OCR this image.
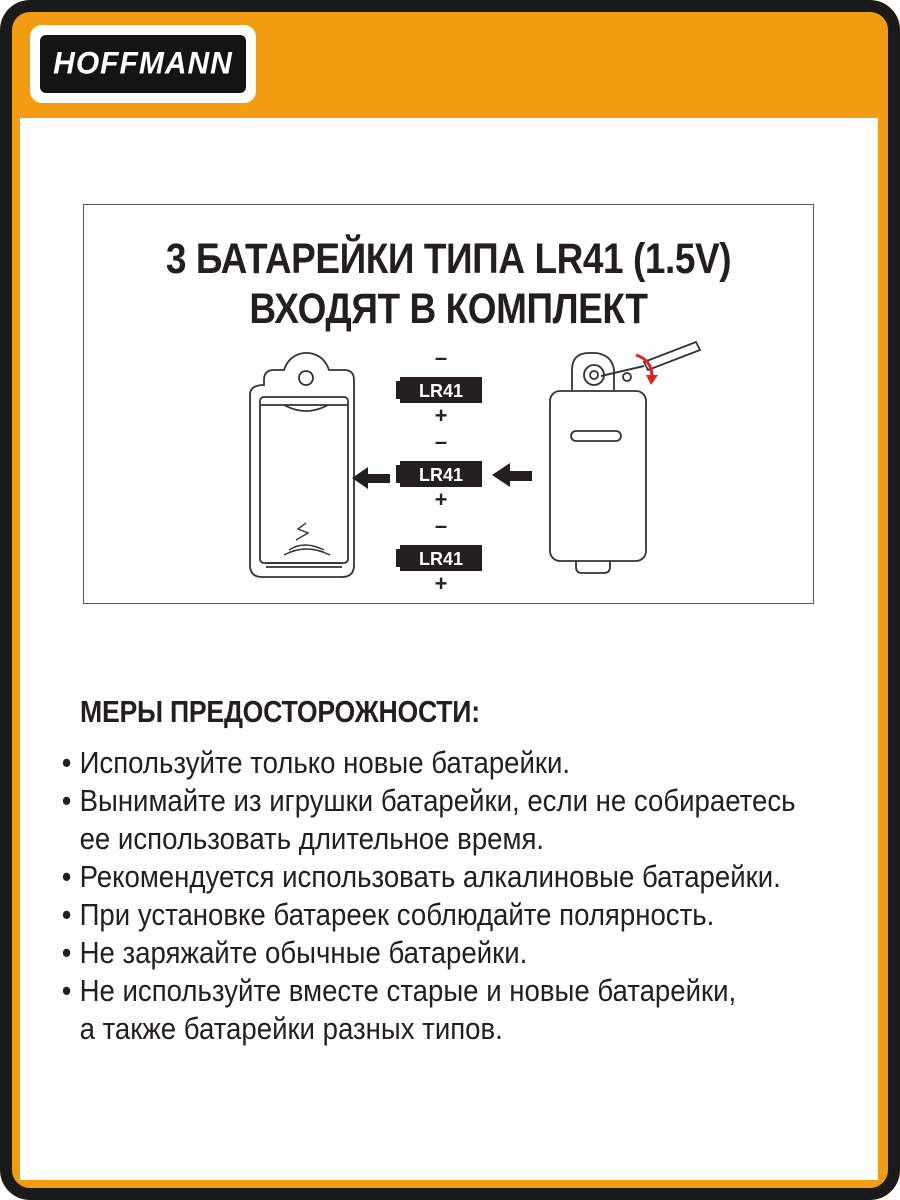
HOFFMANN
3 БАТАРЕЙКИ ТИПА LR41 (1.5V)
ВХОДЯТ В КОМПЛЕКТ
–
LR41
+
–
LR41
+
–
LR41
+
МЕРЫ ПРЕДОСТОРОЖНОСТИ:
• Используйте только новые батарейки.
• Вынимайте из игрушки батарейки, если не собираетесь
ее использовать длительное время.
• Рекомендуется использовать алкалиновые батарейки.
• При установке батареек соблюдайте полярность.
• Не заряжайте обычные батарейки.
• Не используйте вместе старые и новые батарейки,
а также батарейки разных типов.
